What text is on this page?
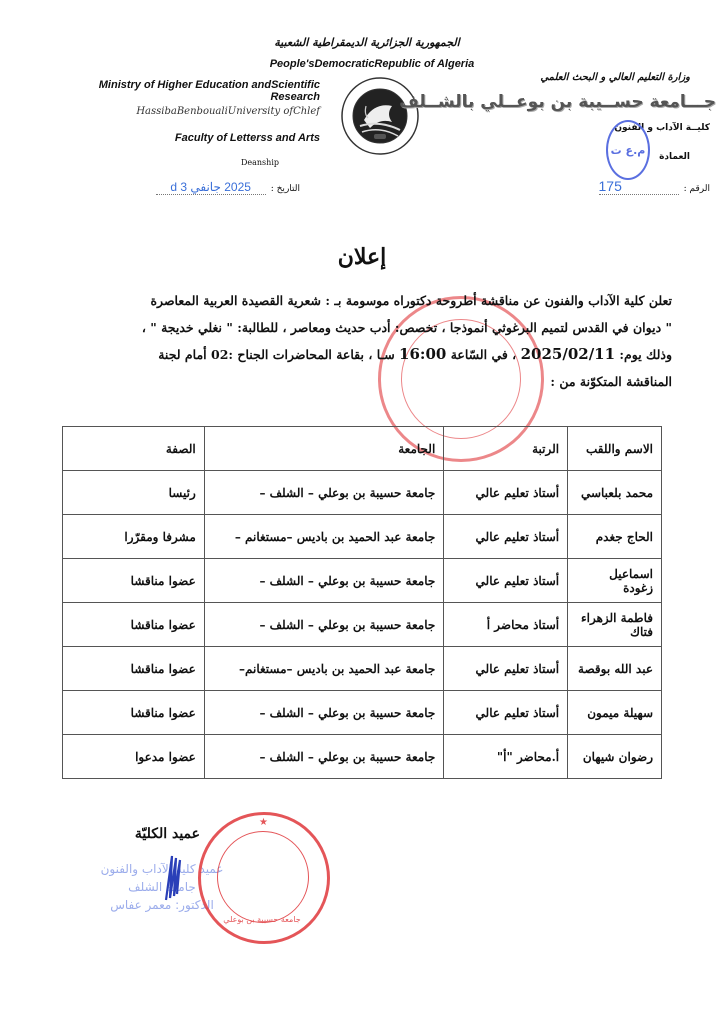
الجمهورية الجزائرية الديمقراطية الشعبية
People'sDemocraticRepublic of Algeria
Ministry of Higher Education andScientific Research
HassibaBenboualiUniversity ofChlef
Faculty of Letterss and Arts
Deanship
التاريخ : 2025 جانفي 3 d
وزارة التعليم العالي و البحث العلمي
جـــامعة حســيبة بن بوعــلي بالشــلف
كليــة الآداب و الفنون
العمادة
م.ع ت
الرقم : 175
إعلان
تعلن كلية الآداب والفنون عن مناقشة أطروحة دكتوراه موسومة بـ : شعرية القصيدة العربية المعاصرة
" ديوان في القدس لتميم البرغوثي أنموذجا ، تخصص: أدب حديث ومعاصر ، للطالبة: " نغلي خديجة " ،
وذلك يوم: 2025/02/11 ، في السّاعة 16:00 سـا ، بقاعة المحاضرات الجناح :02 أمام لجنة
المناقشة المتكوّنة من :
الاسم واللقب	الرتبة	الجامعة	الصفة
محمد بلعباسي	أستاذ تعليم عالي	جامعة حسيبة بن بوعلي – الشلف –	رئيسا
الحاج جغدم	أستاذ تعليم عالي	جامعة عبد الحميد بن باديس –مستغانم –	مشرفا ومقرّرا
اسماعيل زغودة	أستاذ تعليم عالي	جامعة حسيبة بن بوعلي – الشلف –	عضوا مناقشا
فاطمة الزهراء فتاك	أستاذ محاضر أ	جامعة حسيبة بن بوعلي – الشلف –	عضوا مناقشا
عبد الله بوقصة	أستاذ تعليم عالي	جامعة عبد الحميد بن باديس –مستغانم–	عضوا مناقشا
سهيلة ميمون	أستاذ تعليم عالي	جامعة حسيبة بن بوعلي – الشلف –	عضوا مناقشا
رضوان شيهان	أ.محاضر "أ"	جامعة حسيبة بن بوعلي – الشلف –	عضوا مدعوا
عميد الكليّة
عميد كلية الآداب والفنون
جامعة الشلف
الدكتور: معمر عفاس
جامعة حسيبة بن بوعلي
★
